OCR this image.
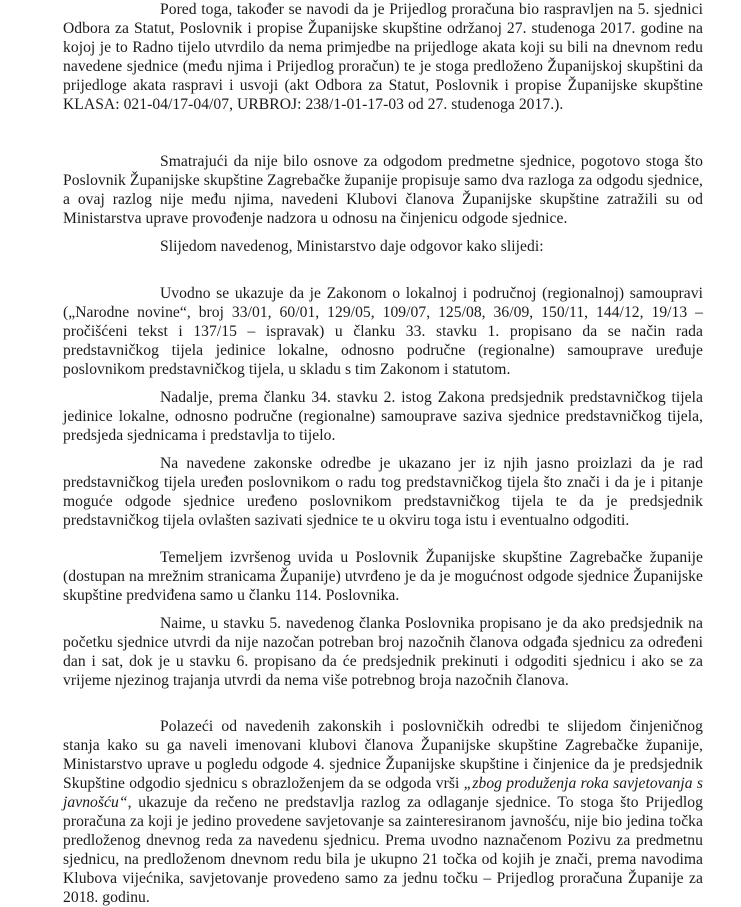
Pored toga, također se navodi da je Prijedlog proračuna bio raspravljen na 5. sjednici Odbora za Statut, Poslovnik i propise Županijske skupštine održanoj 27. studenoga 2017. godine na kojoj je to Radno tijelo utvrdilo da nema primjedbe na prijedloge akata koji su bili na dnevnom redu navedene sjednice (među njima i Prijedlog proračun) te je stoga predloženo Županijskoj skupštini da prijedloge akata raspravi i usvoji (akt Odbora za Statut, Poslovnik i propise Županijske skupštine KLASA: 021-04/17-04/07, URBROJ: 238/1-01-17-03 od 27. studenoga 2017.).

Smatrajući da nije bilo osnove za odgodom predmetne sjednice, pogotovo stoga što Poslovnik Županijske skupštine Zagrebačke županije propisuje samo dva razloga za odgodu sjednice, a ovaj razlog nije među njima, navedeni Klubovi članova Županijske skupštine zatražili su od Ministarstva uprave provođenje nadzora u odnosu na činjenicu odgode sjednice.

Slijedom navedenog, Ministarstvo daje odgovor kako slijedi:

Uvodno se ukazuje da je Zakonom o lokalnoj i područnoj (regionalnoj) samoupravi („Narodne novine“, broj 33/01, 60/01, 129/05, 109/07, 125/08, 36/09, 150/11, 144/12, 19/13 – pročišćeni tekst i 137/15 – ispravak) u članku 33. stavku 1. propisano da se način rada predstavničkog tijela jedinice lokalne, odnosno područne (regionalne) samouprave uređuje poslovnikom predstavničkog tijela, u skladu s tim Zakonom i statutom.

Nadalje, prema članku 34. stavku 2. istog Zakona predsjednik predstavničkog tijela jedinice lokalne, odnosno područne (regionalne) samouprave saziva sjednice predstavničkog tijela, predsjeda sjednicama i predstavlja to tijelo.

Na navedene zakonske odredbe je ukazano jer iz njih jasno proizlazi da je rad predstavničkog tijela uređen poslovnikom o radu tog predstavničkog tijela što znači i da je i pitanje moguće odgode sjednice uređeno poslovnikom predstavničkog tijela te da je predsjednik predstavničkog tijela ovlašten sazivati sjednice te u okviru toga istu i eventualno odgoditi.

Temeljem izvršenog uvida u Poslovnik Županijske skupštine Zagrebačke županije (dostupan na mrežnim stranicama Županije) utvrđeno je da je mogućnost odgode sjednice Županijske skupštine predviđena samo u članku 114. Poslovnika.

Naime, u stavku 5. navedenog članka Poslovnika propisano je da ako predsjednik na početku sjednice utvrdi da nije nazočan potreban broj nazočnih članova odgađa sjednicu za određeni dan i sat, dok je u stavku 6. propisano da će predsjednik prekinuti i odgoditi sjednicu i ako se za vrijeme njezinog trajanja utvrdi da nema više potrebnog broja nazočnih članova.

Polazeći od navedenih zakonskih i poslovničkih odredbi te slijedom činjeničnog stanja kako su ga naveli imenovani klubovi članova Županijske skupštine Zagrebačke županije, Ministarstvo uprave u pogledu odgode 4. sjednice Županijske skupštine i činjenice da je predsjednik Skupštine odgodio sjednicu s obrazloženjem da se odgoda vrši „zbog produženja roka savjetovanja s javnošću“, ukazuje da rečeno ne predstavlja razlog za odlaganje sjednice. To stoga što Prijedlog proračuna za koji je jedino provedene savjetovanje sa zainteresiranom javnošću, nije bio jedina točka predloženog dnevnog reda za navedenu sjednicu. Prema uvodno naznačenom Pozivu za predmetnu sjednicu, na predloženom dnevnom redu bila je ukupno 21 točka od kojih je znači, prema navodima Klubova vijećnika, savjetovanje provedeno samo za jednu točku – Prijedlog proračuna Županije za 2018. godinu.
